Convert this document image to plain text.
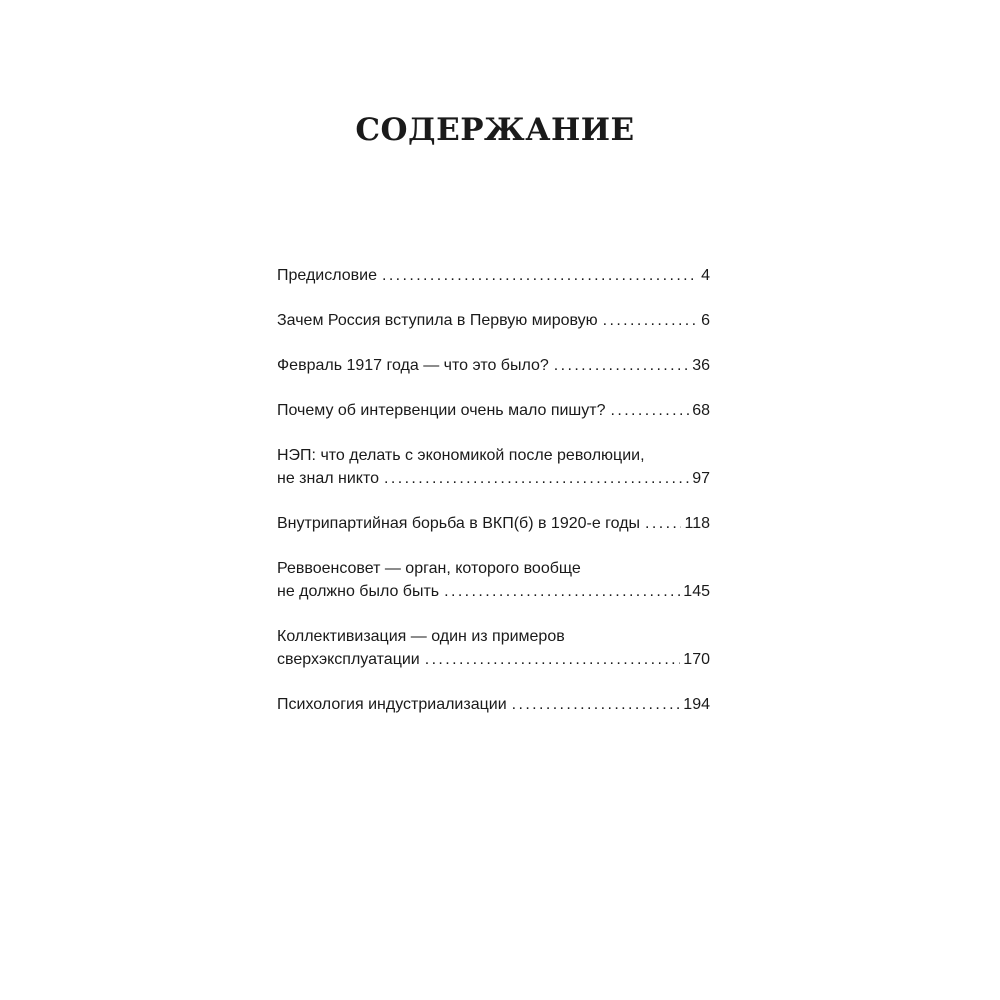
СОДЕРЖАНИЕ
Предисловие .....	4
Зачем Россия вступила в Первую мировую .....	6
Февраль 1917 года — что это было? .....	36
Почему об интервенции очень мало пишут? .....	68
НЭП: что делать с экономикой после революции,
не знал никто .....	97
Внутрипартийная борьба в ВКП(б) в 1920-е годы .....	118
Реввоенсовет — орган, которого вообще
не должно было быть .....	145
Коллективизация — один из примеров
сверхэксплуатации .....	170
Психология индустриализации .....	194
